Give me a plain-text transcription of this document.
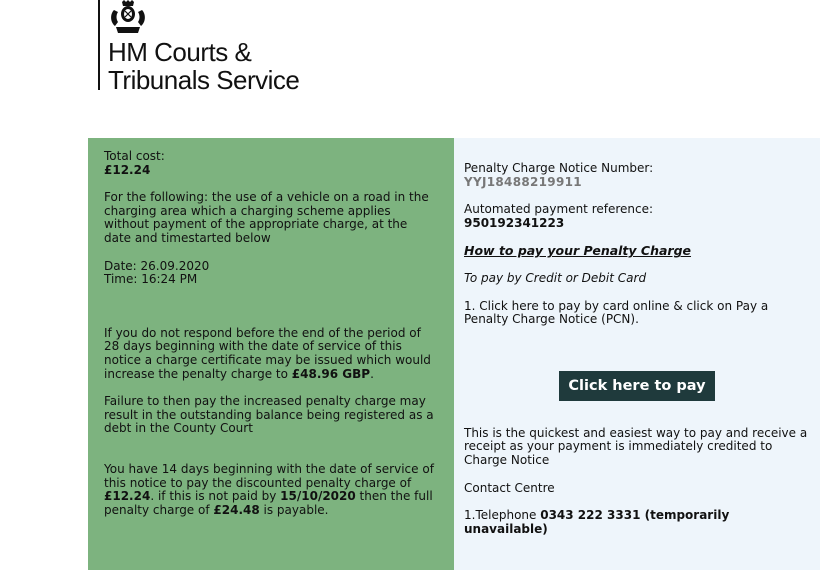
HM Courts &
Tribunals Service
Total cost:
£12.24
For the following: the use of a vehicle on a road in the charging area which a charging scheme applies without payment of the appropriate charge, at the date and timestarted below
Date: 26.09.2020
Time: 16:24 PM
If you do not respond before the end of the period of 28 days beginning with the date of service of this notice a charge certificate may be issued which would increase the penalty charge to £48.96 GBP.
Failure to then pay the increased penalty charge may result in the outstanding balance being registered as a debt in the County Court
You have 14 days beginning with the date of service of this notice to pay the discounted penalty charge of £12.24. if this is not paid by 15/10/2020 then the full penalty charge of £24.48 is payable.
Penalty Charge Notice Number:
YYJ18488219911
Automated payment reference:
950192341223
How to pay your Penalty Charge
To pay by Credit or Debit Card
1. Click here to pay by card online & click on Pay a Penalty Charge Notice (PCN).
Click here to pay
This is the quickest and easiest way to pay and receive a receipt as your payment is immediately credited to Charge Notice
Contact Centre
1.Telephone 0343 222 3331 (temporarily unavailable)
